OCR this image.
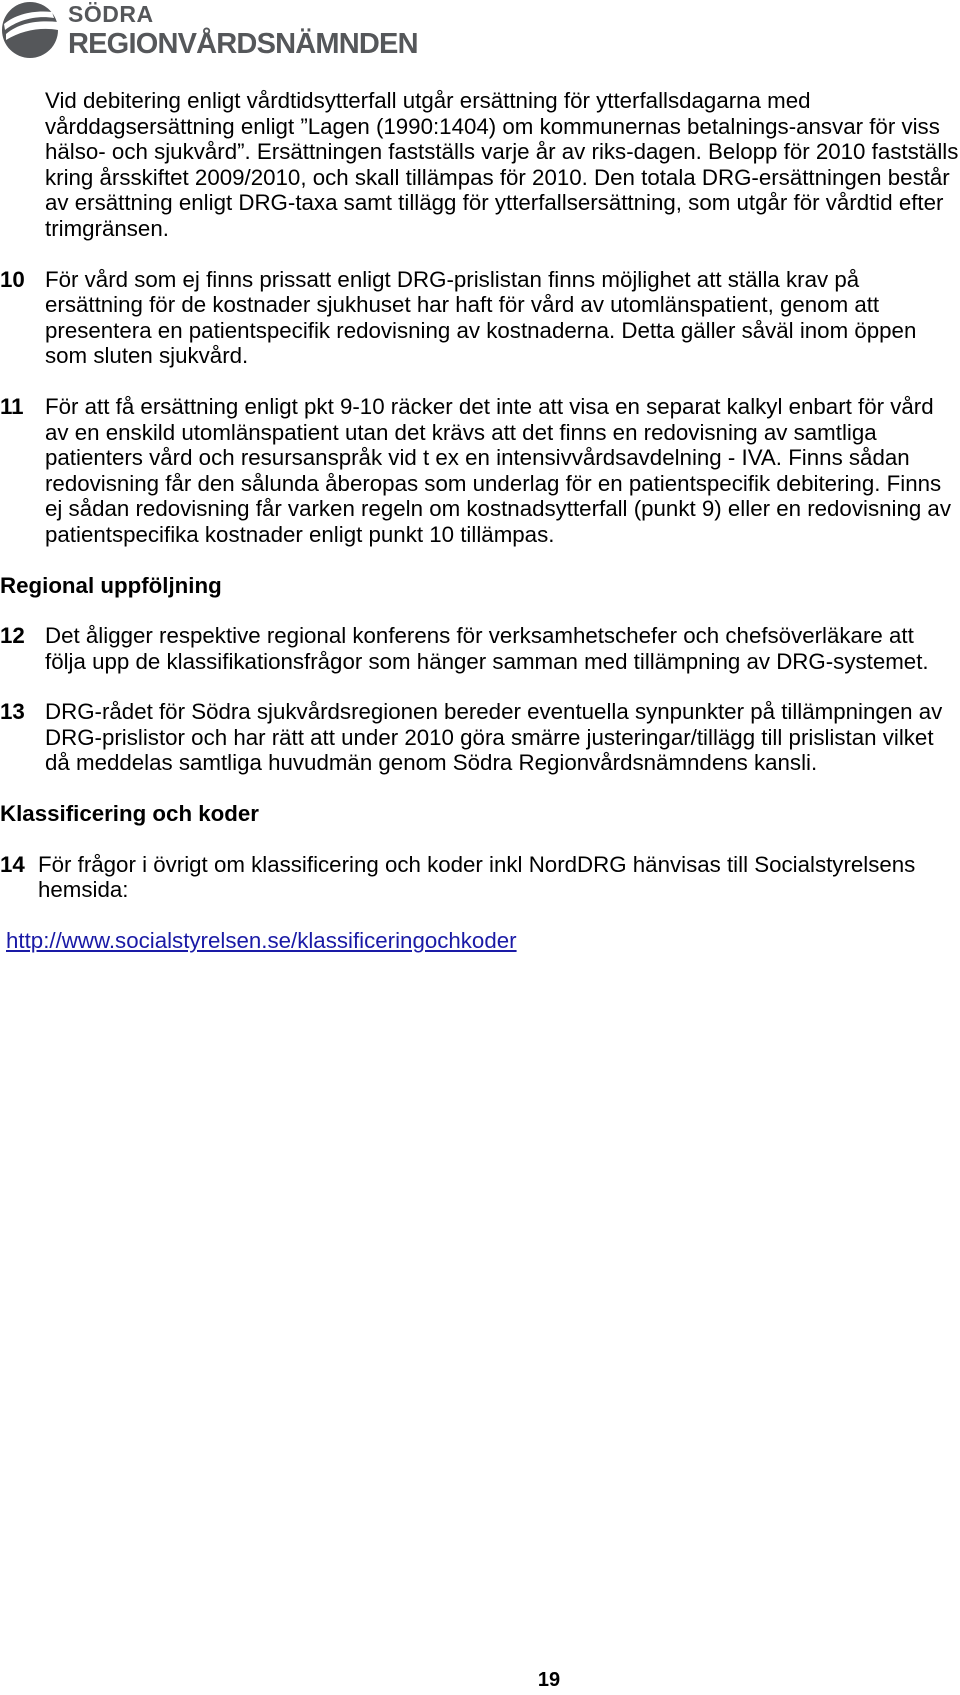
SÖDRA
REGIONVÅRDSNÄMNDEN

Vid debitering enligt vårdtidsytterfall utgår ersättning för ytterfallsdagarna med vårddagsersättning enligt ”Lagen (1990:1404) om kommunernas betalnings-ansvar för viss hälso- och sjukvård”. Ersättningen fastställs varje år av riks-dagen. Belopp för 2010 fastställs kring årsskiftet 2009/2010, och skall tillämpas för 2010. Den totala DRG-ersättningen består av ersättning enligt DRG-taxa samt tillägg för ytterfallsersättning, som utgår för vårdtid efter trimgränsen.

10 För vård som ej finns prissatt enligt DRG-prislistan finns möjlighet att ställa krav på ersättning för de kostnader sjukhuset har haft för vård av utomlänspatient, genom att presentera en patientspecifik redovisning av kostnaderna. Detta gäller såväl inom öppen som sluten sjukvård.
11 För att få ersättning enligt pkt 9-10 räcker det inte att visa en separat kalkyl enbart för vård av en enskild utomlänspatient utan det krävs att det finns en redovisning av samtliga patienters vård och resursanspråk vid t ex en intensivvårdsavdelning - IVA. Finns sådan redovisning får den sålunda åberopas som underlag för en patientspecifik debitering. Finns ej sådan redovisning får varken regeln om kostnadsytterfall (punkt 9) eller en redovisning av patientspecifika kostnader enligt punkt 10 tillämpas.
Regional uppföljning
12 Det åligger respektive regional konferens för verksamhetschefer och chefsöverläkare att följa upp de klassifikationsfrågor som hänger samman med tillämpning av DRG-systemet.
13 DRG-rådet för Södra sjukvårdsregionen bereder eventuella synpunkter på tillämpningen av DRG-prislistor och har rätt att under 2010 göra smärre justeringar/tillägg till prislistan vilket då meddelas samtliga huvudmän genom Södra Regionvårdsnämndens kansli.
Klassificering och koder
14 För frågor i övrigt om klassificering och koder inkl NordDRG hänvisas till Socialstyrelsens hemsida:
http://www.socialstyrelsen.se/klassificeringochkoder
19
